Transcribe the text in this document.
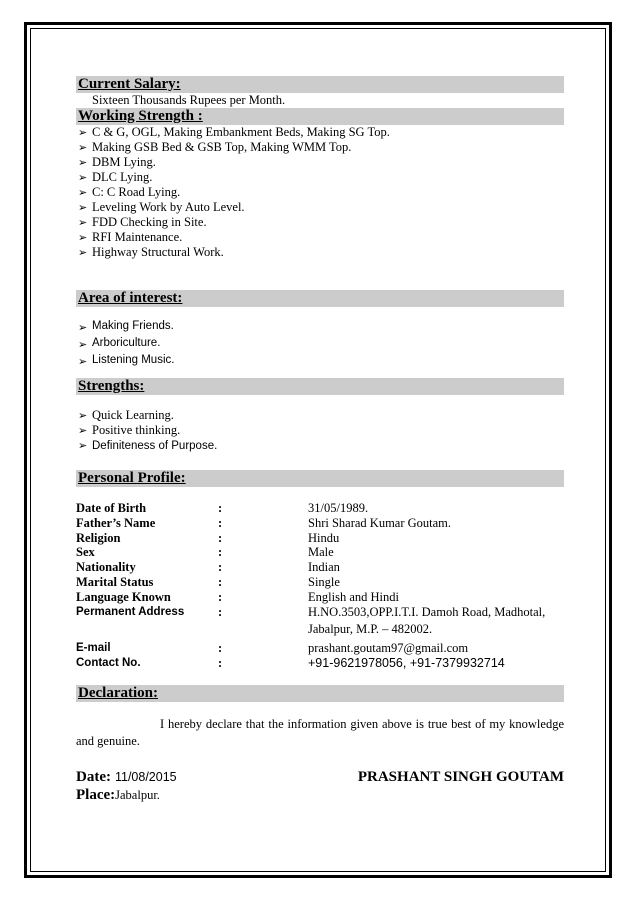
Current Salary:
Sixteen Thousands Rupees per Month.
Working Strength :
➢ C & G, OGL, Making Embankment Beds, Making SG Top.
➢ Making GSB Bed & GSB Top, Making WMM Top.
➢ DBM Lying.
➢ DLC Lying.
➢ C: C Road Lying.
➢ Leveling Work by Auto Level.
➢ FDD Checking in Site.
➢ RFI Maintenance.
➢ Highway Structural Work.
Area of interest:
➢ Making Friends.
➢ Arboriculture.
➢ Listening Music.
Strengths:
➢ Quick Learning.
➢ Positive thinking.
➢ Definiteness of Purpose.
Personal Profile:
Date of Birth	:	31/05/1989.
Father’s Name	:	Shri Sharad Kumar Goutam.
Religion	:	Hindu
Sex	:	Male
Nationality	:	Indian
Marital Status	:	Single
Language Known	:	English and Hindi
Permanent Address	:	H.NO.3503,OPP.I.T.I. Damoh Road, Madhotal,
Jabalpur, M.P. – 482002.

E-mail	:	prashant.goutam97@gmail.com
Contact No.	:	+91-9621978056, +91-7379932714
Declaration:
I hereby declare that the information given above is true best of my knowledge and genuine.
Date: 11/08/2015	PRASHANT SINGH GOUTAM
Place:Jabalpur.
